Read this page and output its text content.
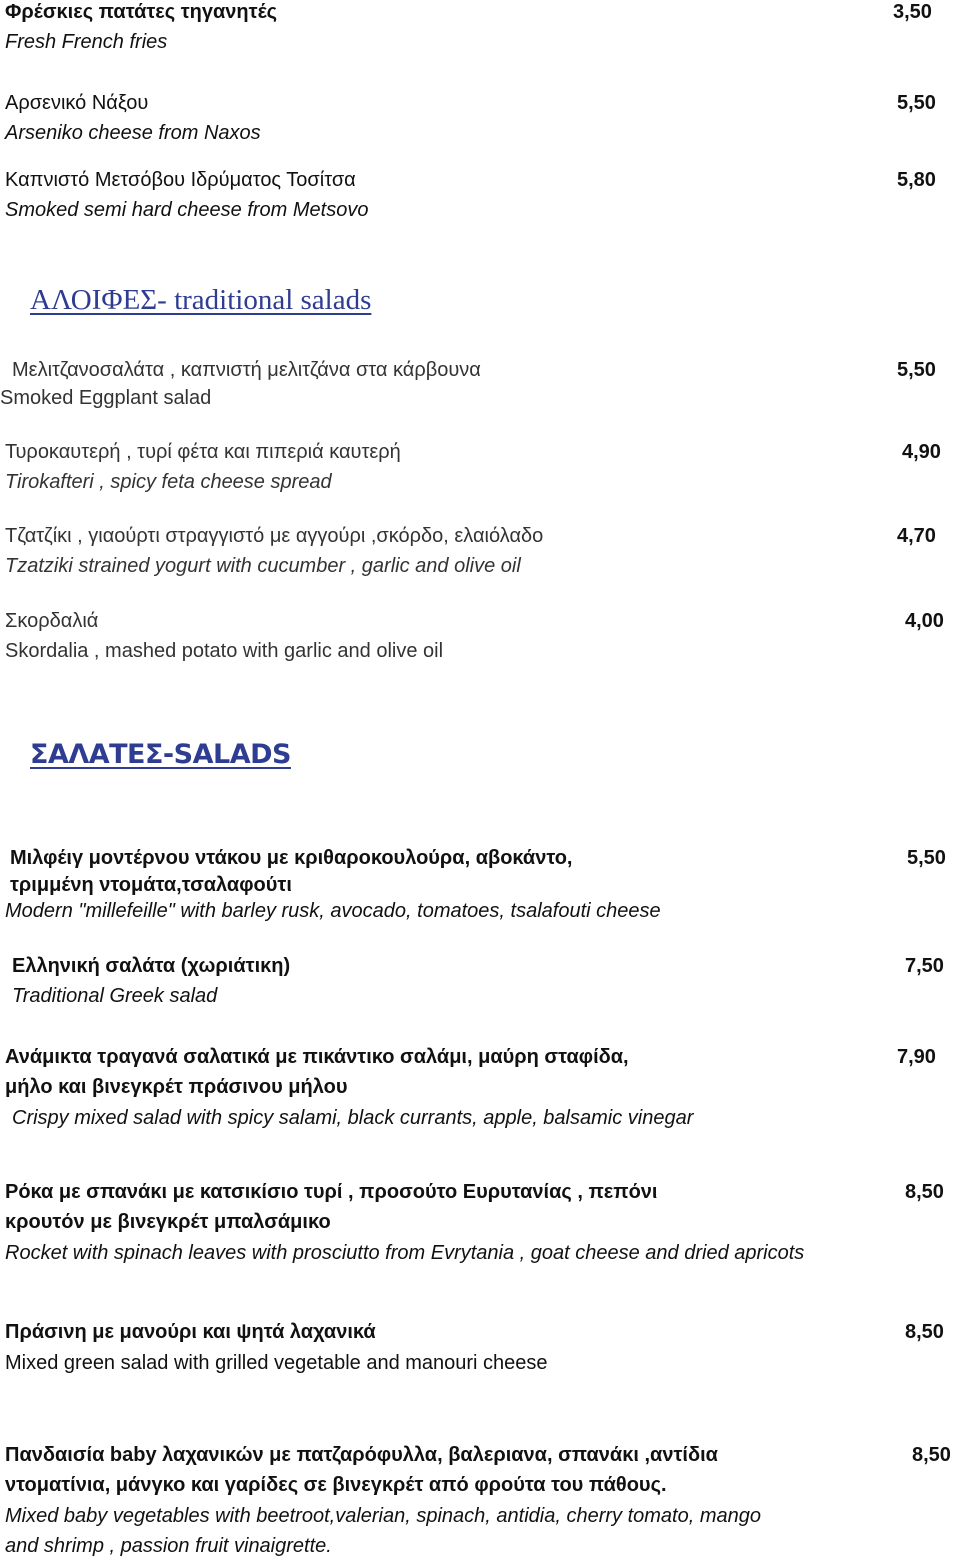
Φρέσκιες πατάτες τηγανητές	3,50
Fresh French fries
Αρσενικό Νάξου	5,50
Arseniko cheese from Naxos
Καπνιστό Μετσόβου Ιδρύματος Τοσίτσα	5,80
Smoked semi hard cheese from Metsovo
ΑΛΟΙΦΕΣ- traditional salads
Μελιτζανοσαλάτα , καπνιστή μελιτζάνα στα κάρβουνα	5,50
Smoked Eggplant salad
Τυροκαυτερή , τυρί φέτα και πιπεριά καυτερή	4,90
Tirokafteri , spicy feta cheese spread
Τζατζίκι , γιαούρτι στραγγιστό με αγγούρι ,σκόρδο, ελαιόλαδο	4,70
Tzatziki strained yogurt with cucumber , garlic and olive oil
Σκορδαλιά	4,00
Skordalia , mashed potato with garlic and olive oil
ΣΑΛΑΤΕΣ-SALADS
Μιλφέιγ μοντέρνου ντάκου με κριθαροκουλούρα, αβοκάντο,	5,50
τριμμένη ντομάτα,τσαλαφούτι
Modern "millefeille" with barley rusk, avocado, tomatoes, tsalafouti cheese
Ελληνική σαλάτα (χωριάτικη)	7,50
Traditional Greek salad
Ανάμικτα τραγανά σαλατικά με πικάντικο σαλάμι, μαύρη σταφίδα,	7,90
μήλο και βινεγκρέτ πράσινου μήλου
Crispy mixed salad with spicy salami, black currants, apple, balsamic vinegar
Ρόκα με σπανάκι με κατσικίσιο τυρί , προσούτο Ευρυτανίας , πεπόνι	8,50
κρουτόν με βινεγκρέτ μπαλσάμικο
Rocket with spinach leaves with prosciutto from Evrytania , goat cheese and dried apricots
Πράσινη με μανούρι και ψητά λαχανικά	8,50
Mixed green salad with grilled vegetable and manouri cheese
Πανδαισία baby λαχανικών με πατζαρόφυλλα, βαλεριανα, σπανάκι ,αντίδια	8,50
ντοματίνια, μάνγκο και γαρίδες σε βινεγκρέτ από φρούτα του πάθους.
Mixed baby vegetables with beetroot,valerian, spinach, antidia, cherry tomato, mango
and shrimp , passion fruit vinaigrette.
